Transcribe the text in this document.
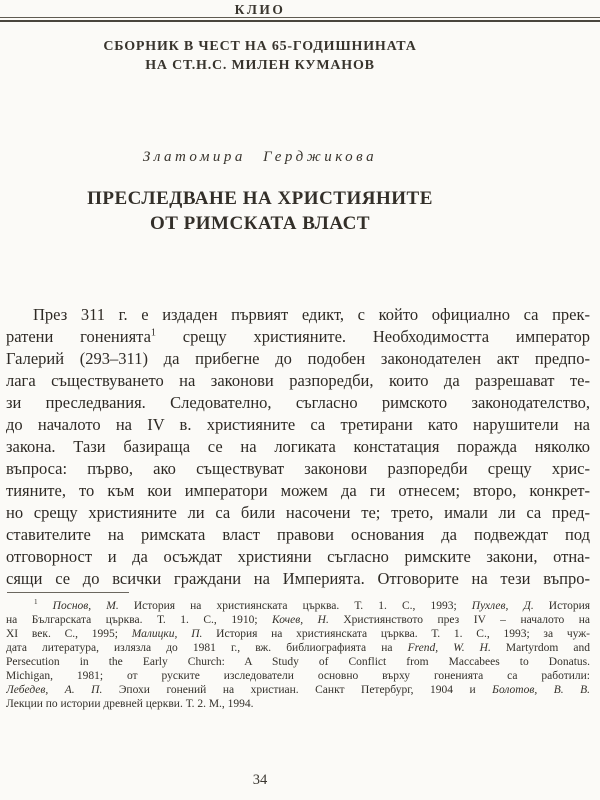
КЛИО
СБОРНИК В ЧЕСТ НА 65-ГОДИШНИНАТА
НА СТ.Н.С. МИЛЕН КУМАНОВ
Златомира Герджикова
ПРЕСЛЕДВАНЕ НА ХРИСТИЯНИТЕ
ОТ РИМСКАТА ВЛАСТ
През 311 г. е издаден първият едикт, с който официално са прек-
ратени гоненията$^1$ срещу християните. Необходимостта император
Галерий (293–311) да прибегне до подобен законодателен акт предпо-
лага съществуването на законови разпоредби, които да разрешават те-
зи преследвания. Следователно, съгласно римското законодателство,
до началото на IV в. християните са третирани като нарушители на
закона. Тази базираща се на логиката констатация поражда няколко
въпроса: първо, ако съществуват законови разпоредби срещу хрис-
тияните, то към кои императори можем да ги отнесем; второ, конкрет-
но срещу християните ли са били насочени те; трето, имали ли са пред-
ставителите на римската власт правови основания да подвеждат под
отговорност и да осъждат християни съгласно римските закони, отна-
сящи се до всички граждани на Империята. Отговорите на тези въпро-
$^1$ Поснов, М. История на християнската църква. Т. 1. С., 1993; Пухлев, Д. История
на Българската църква. Т. 1. С., 1910; Кочев, Н. Християнството през IV – началото на
XI век. С., 1995; Малицки, П. История на християнската църква. Т. 1. С., 1993; за чуж-
дата литература, излязла до 1981 г., вж. библиографията на Frend, W. H. Martyrdom and
Persecution in the Early Church: A Study of Conflict from Maccabees to Donatus.
Michigan, 1981; от руските изследователи основно върху гоненията са работили:
Лебедев, А. П. Эпохи гонений на христиан. Санкт Петербург, 1904 и Болотов, В. В.
Лекции по истории древней церкви. Т. 2. М., 1994.
34
